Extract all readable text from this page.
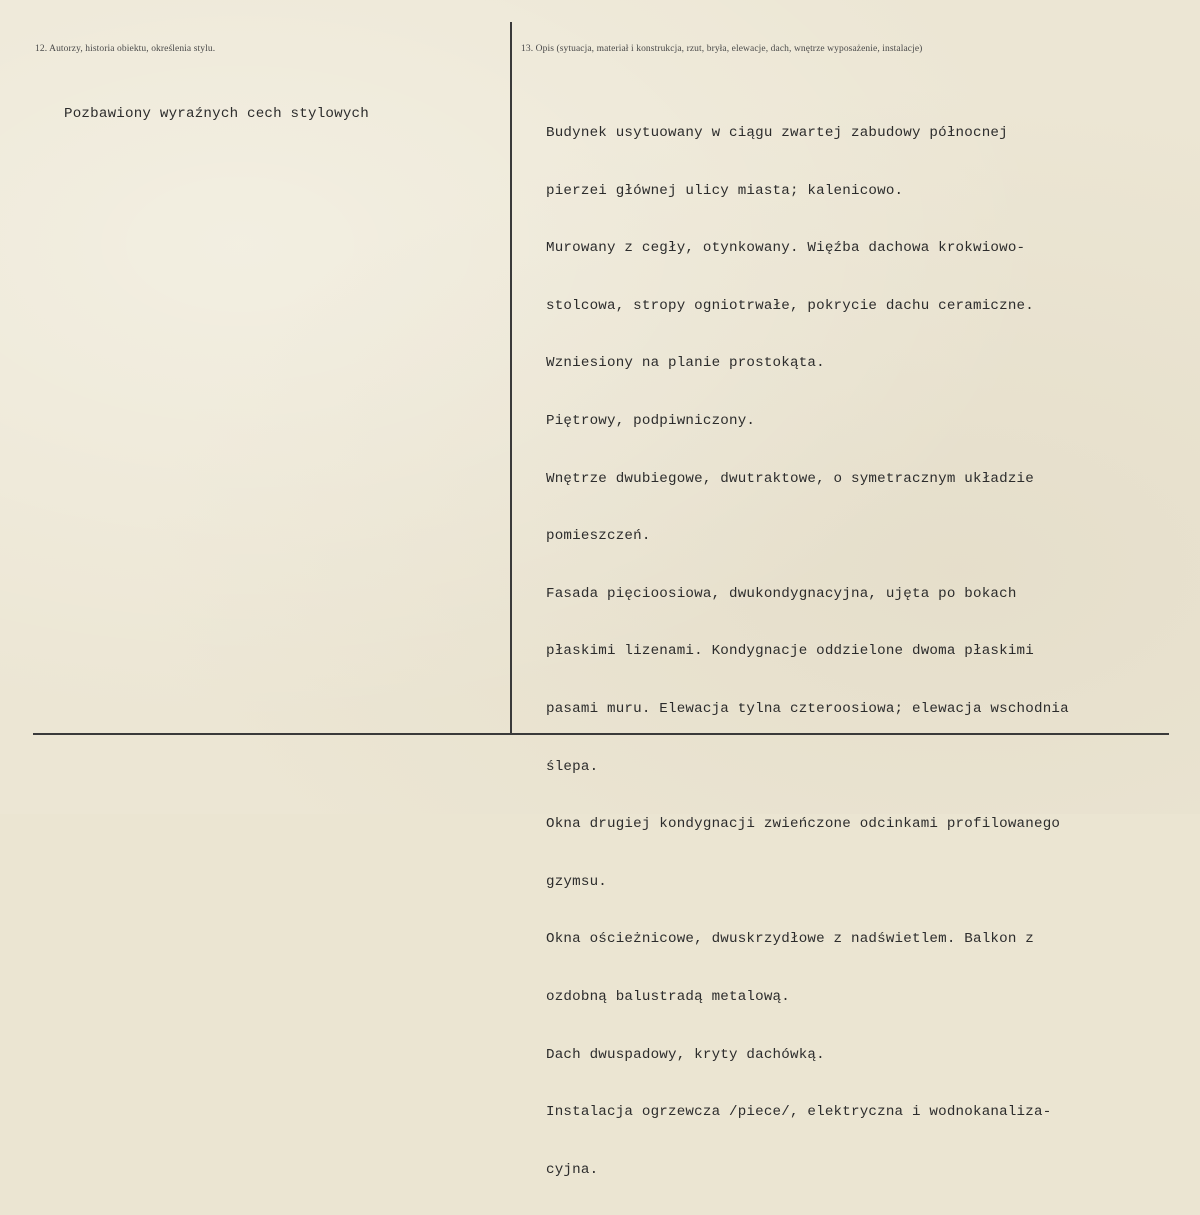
12. Autorzy, historia obiektu, określenia stylu.	13. Opis (sytuacja, materiał i konstrukcja, rzut, bryła, elewacje, dach, wnętrze wyposażenie, instalacje)
Pozbawiony wyraźnych cech stylowych

Budynek usytuowany w ciągu zwartej zabudowy północnej

pierzei głównej ulicy miasta; kalenicowo.

Murowany z cegły, otynkowany. Więźba dachowa krokwiowo-

stolcowa, stropy ogniotrwałe, pokrycie dachu ceramiczne.

Wzniesiony na planie prostokąta.

Piętrowy, podpiwniczony.

Wnętrze dwubiegowe, dwutraktowe, o symetracznym układzie

pomieszczeń.

Fasada pięcioosiowa, dwukondygnacyjna, ujęta po bokach

płaskimi lizenami. Kondygnacje oddzielone dwoma płaskimi

pasami muru. Elewacja tylna czteroosiowa; elewacja wschodnia

ślepa.

Okna drugiej kondygnacji zwieńczone odcinkami profilowanego

gzymsu.

Okna ościeżnicowe, dwuskrzydłowe z nadświetlem. Balkon z

ozdobną balustradą metalową.

Dach dwuspadowy, kryty dachówką.

Instalacja ogrzewcza /piece/, elektryczna i wodnokanaliza-

cyjna.
